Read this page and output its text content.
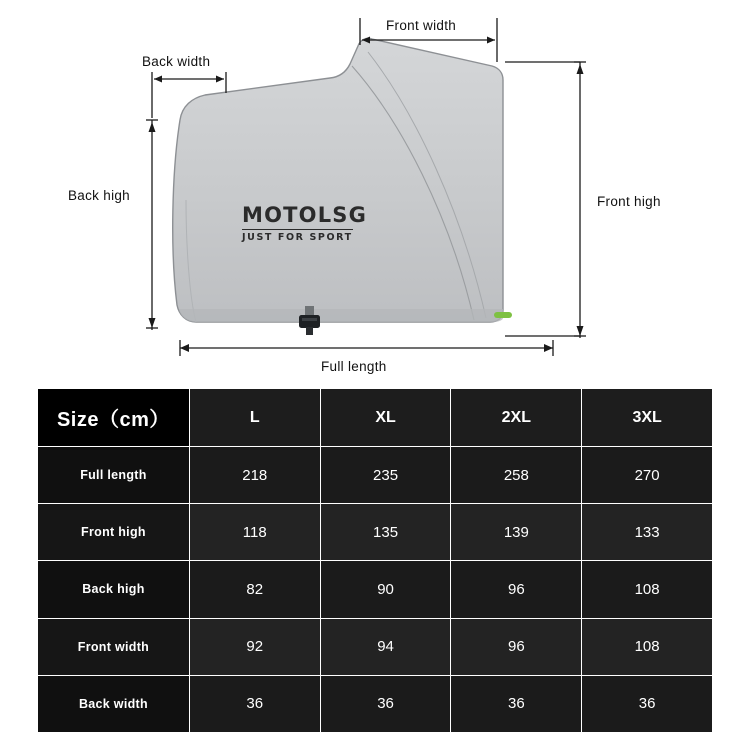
Front width
Back width
Back high	Front high
Full length
MOTOLSG
JUST FOR SPORT
Size（cm）	L	XL	2XL	3XL
Full length	218	235	258	270
Front high	118	135	139	133
Back high	82	90	96	108
Front width	92	94	96	108
Back width	36	36	36	36
